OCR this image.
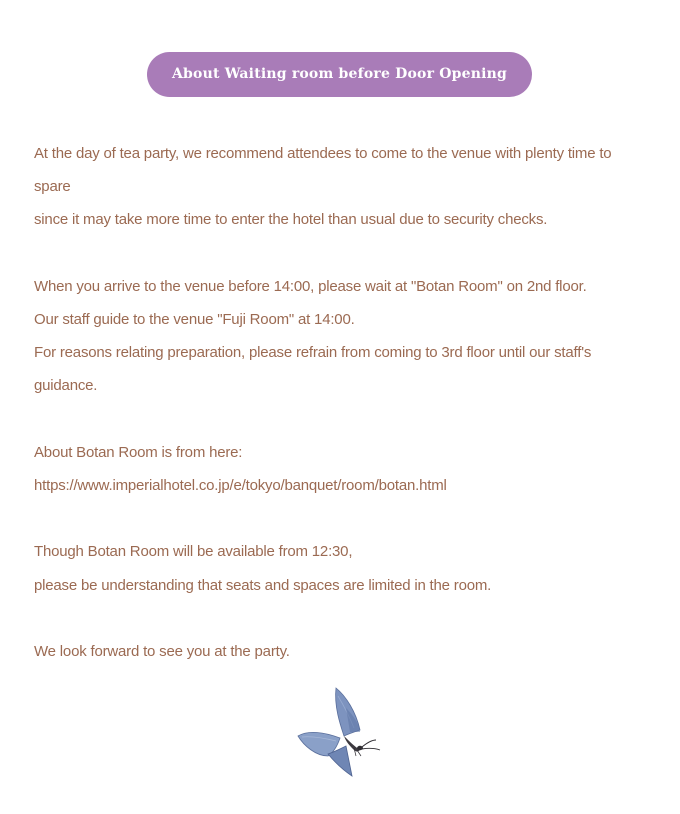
About Waiting room before Door Opening

At the day of tea party, we recommend attendees to come to the venue with plenty time to spare

since it may take more time to enter the hotel than usual due to security checks.

When you arrive to the venue before 14:00, please wait at "Botan Room" on 2nd floor.

Our staff guide to the venue "Fuji Room" at 14:00.

For reasons relating preparation, please refrain from coming to 3rd floor until our staff's guidance.

About Botan Room is from here:

https://www.imperialhotel.co.jp/e/tokyo/banquet/room/botan.html

Though Botan Room will be available from 12:30,

please be understanding that seats and spaces are limited in the room.

We look forward to see you at the party.
